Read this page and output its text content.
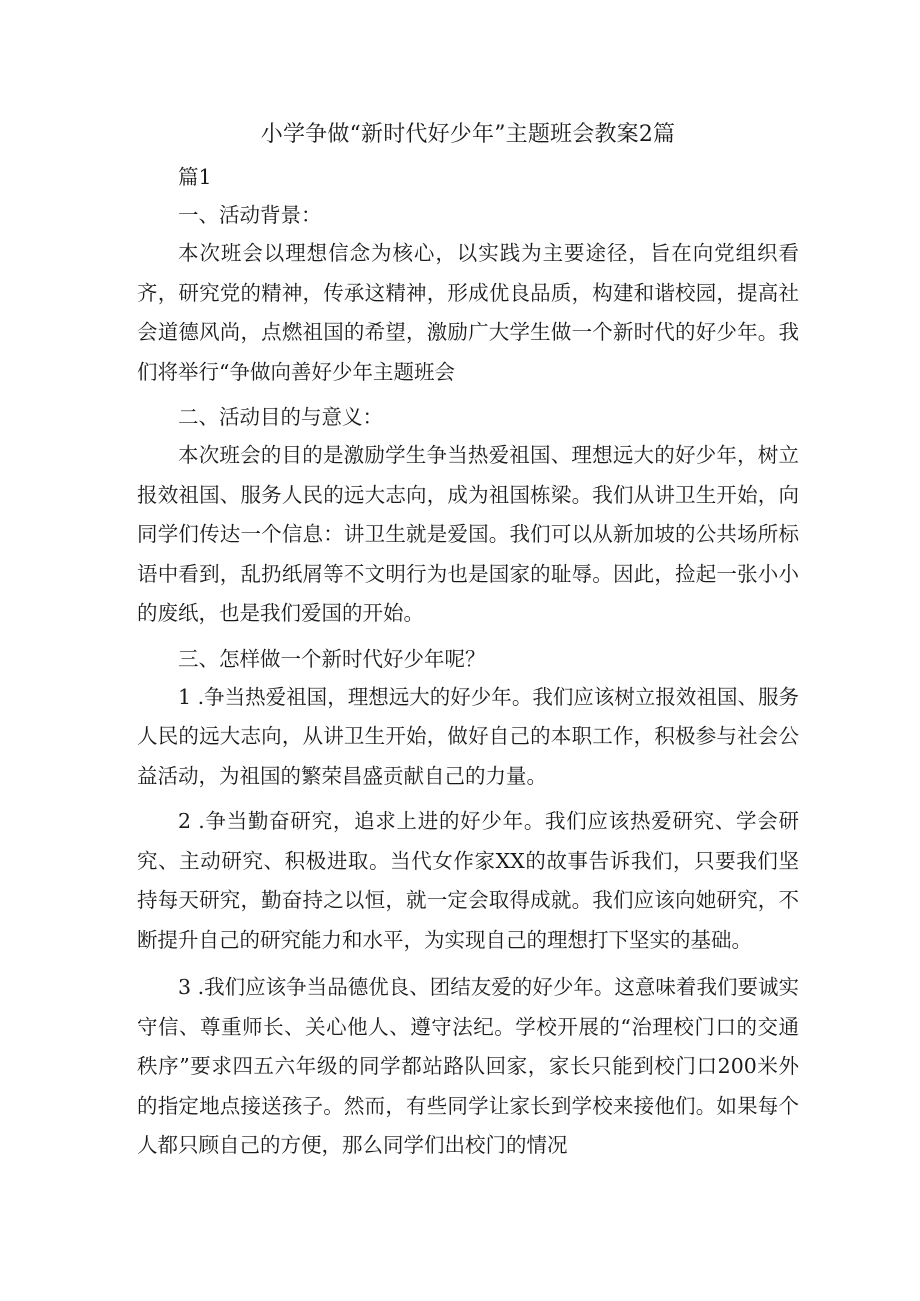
小学争做“新时代好少年”主题班会教案2篇

篇1

一、活动背景：

本次班会以理想信念为核心，以实践为主要途径，旨在向党组织看齐，研究党的精神，传承这精神，形成优良品质，构建和谐校园，提高社会道德风尚，点燃祖国的希望，激励广大学生做一个新时代的好少年。我们将举行“争做向善好少年主题班会

二、活动目的与意义：

本次班会的目的是激励学生争当热爱祖国、理想远大的好少年，树立报效祖国、服务人民的远大志向，成为祖国栋梁。我们从讲卫生开始，向同学们传达一个信息：讲卫生就是爱国。我们可以从新加坡的公共场所标语中看到，乱扔纸屑等不文明行为也是国家的耻辱。因此，捡起一张小小的废纸，也是我们爱国的开始。

三、怎样做一个新时代好少年呢？

1 .争当热爱祖国，理想远大的好少年。我们应该树立报效祖国、服务人民的远大志向，从讲卫生开始，做好自己的本职工作，积极参与社会公益活动，为祖国的繁荣昌盛贡献自己的力量。

2 .争当勤奋研究，追求上进的好少年。我们应该热爱研究、学会研究、主动研究、积极进取。当代女作家XX的故事告诉我们，只要我们坚持每天研究，勤奋持之以恒，就一定会取得成就。我们应该向她研究，不断提升自己的研究能力和水平，为实现自己的理想打下坚实的基础。

3 .我们应该争当品德优良、团结友爱的好少年。这意味着我们要诚实守信、尊重师长、关心他人、遵守法纪。学校开展的“治理校门口的交通秩序”要求四五六年级的同学都站路队回家，家长只能到校门口200米外的指定地点接送孩子。然而，有些同学让家长到学校来接他们。如果每个人都只顾自己的方便，那么同学们出校门的情况
